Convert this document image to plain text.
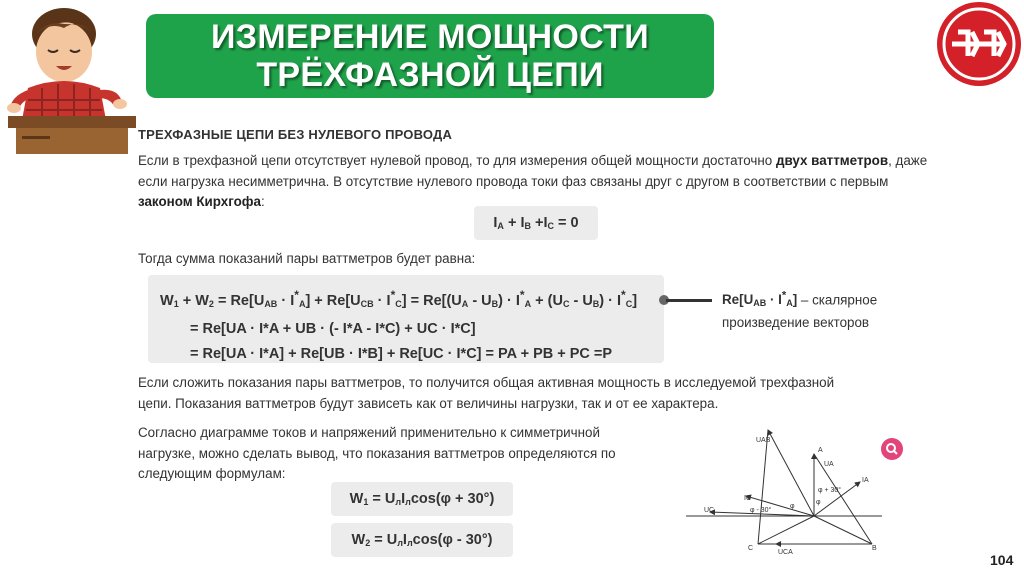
ИЗМЕРЕНИЕ МОЩНОСТИ
ТРЁХФАЗНОЙ ЦЕПИ
ТРЕХФАЗНЫЕ ЦЕПИ БЕЗ НУЛЕВОГО ПРОВОДА
Если в трехфазной цепи отсутствует нулевой провод, то для измерения общей мощности достаточно двух ваттметров, даже если нагрузка несимметрична. В отсутствие нулевого провода токи фаз связаны друг с другом в соответствии с первым законом Кирхгофа:
$I_A + I_B +I_C = 0$
Тогда сумма показаний пары ваттметров будет равна:
$W_1 + W_2 = Re[U_{AB} \cdot I^*_A] + Re[U_{CB} \cdot I^*_C] = Re[(U_A - U_B) \cdot I^*_A + (U_C - U_B) \cdot I^*_C]$
= Re[UA · I*A + UB · (- I*A - I*C) + UC · I*C]
= Re[UA · I*A] + Re[UB · I*B] + Re[UC · I*C] = PA + PB + PC =P
$Re[U_{AB} \cdot I^*_A]$ – скалярное
произведение векторов
Если сложить показания пары ваттметров, то получится общая активная мощность в исследуемой трехфазной цепи. Показания ваттметров будут зависеть как от величины нагрузки, так и от ее характера.
Согласно диаграмме токов и напряжений применительно к симметричной нагрузке, можно сделать вывод, что показания ваттметров определяются по следующим формулам:
$W_1 = U_лI_л\cos(\varphi + 30^\circ)$
$W_2 = U_лI_л\cos(\varphi - 30^\circ)$
UAB
A
UA
IA
φ + 30°
φ
IC
UC	φ - 30°
φ
C
UCA
B
104
